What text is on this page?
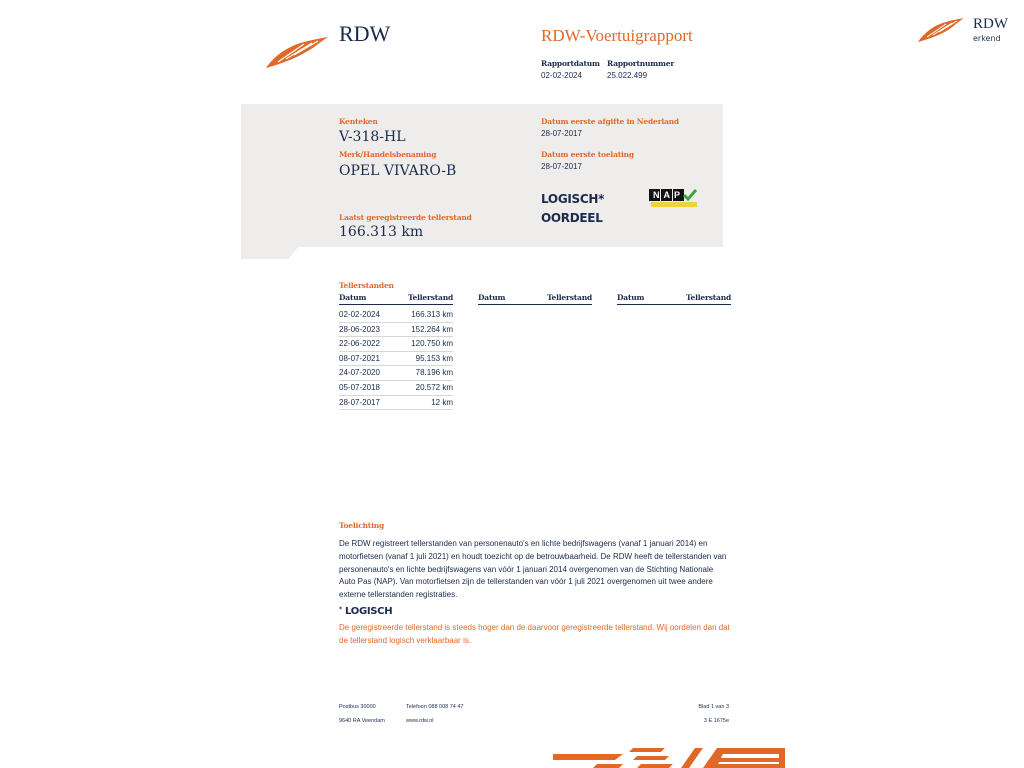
RDW	RDW-Voertuigrapport
Rapportdatum
02-02-2024
Rapportnummer
25.022.499
RDW
erkend
Kenteken
V-318-HL
Merk/Handelsbenaming
OPEL VIVARO-B
Datum eerste afgifte in Nederland
28-07-2017
Datum eerste toelating
28-07-2017
LOGISCH*
OORDEEL
NAP
Laatst geregistreerde tellerstand
166.313 km
Tellerstanden
Datum	Tellerstand
02-02-2024	166.313 km
28-06-2023	152.264 km
22-06-2022	120.750 km
08-07-2021	95.153 km
24-07-2020	78.196 km
05-07-2018	20.572 km
28-07-2017	12 km
Datum	Tellerstand	Datum	Tellerstand
Toelichting
De RDW registreert tellerstanden van personenauto's en lichte bedrijfswagens (vanaf 1 januari 2014) en motorfietsen (vanaf 1 juli 2021) en houdt toezicht op de betrouwbaarheid. De RDW heeft de tellerstanden van personenauto's en lichte bedrijfswagens van vóór 1 januari 2014 overgenomen van de Stichting Nationale Auto Pas (NAP). Van motorfietsen zijn de tellerstanden van vóór 1 juli 2021 overgenomen uit twee andere externe tellerstanden registraties.
* LOGISCH
De geregistreerde tellerstand is steeds hoger dan de daarvoor geregistreerde tellerstand. Wij oordelen dan dat de tellerstand logisch verklaarbaar is.
Postbus 30000
9640 RA Veendam
Telefoon 088 008 74 47
www.rdw.nl
Blad 1 van 3
3 E 1675e
